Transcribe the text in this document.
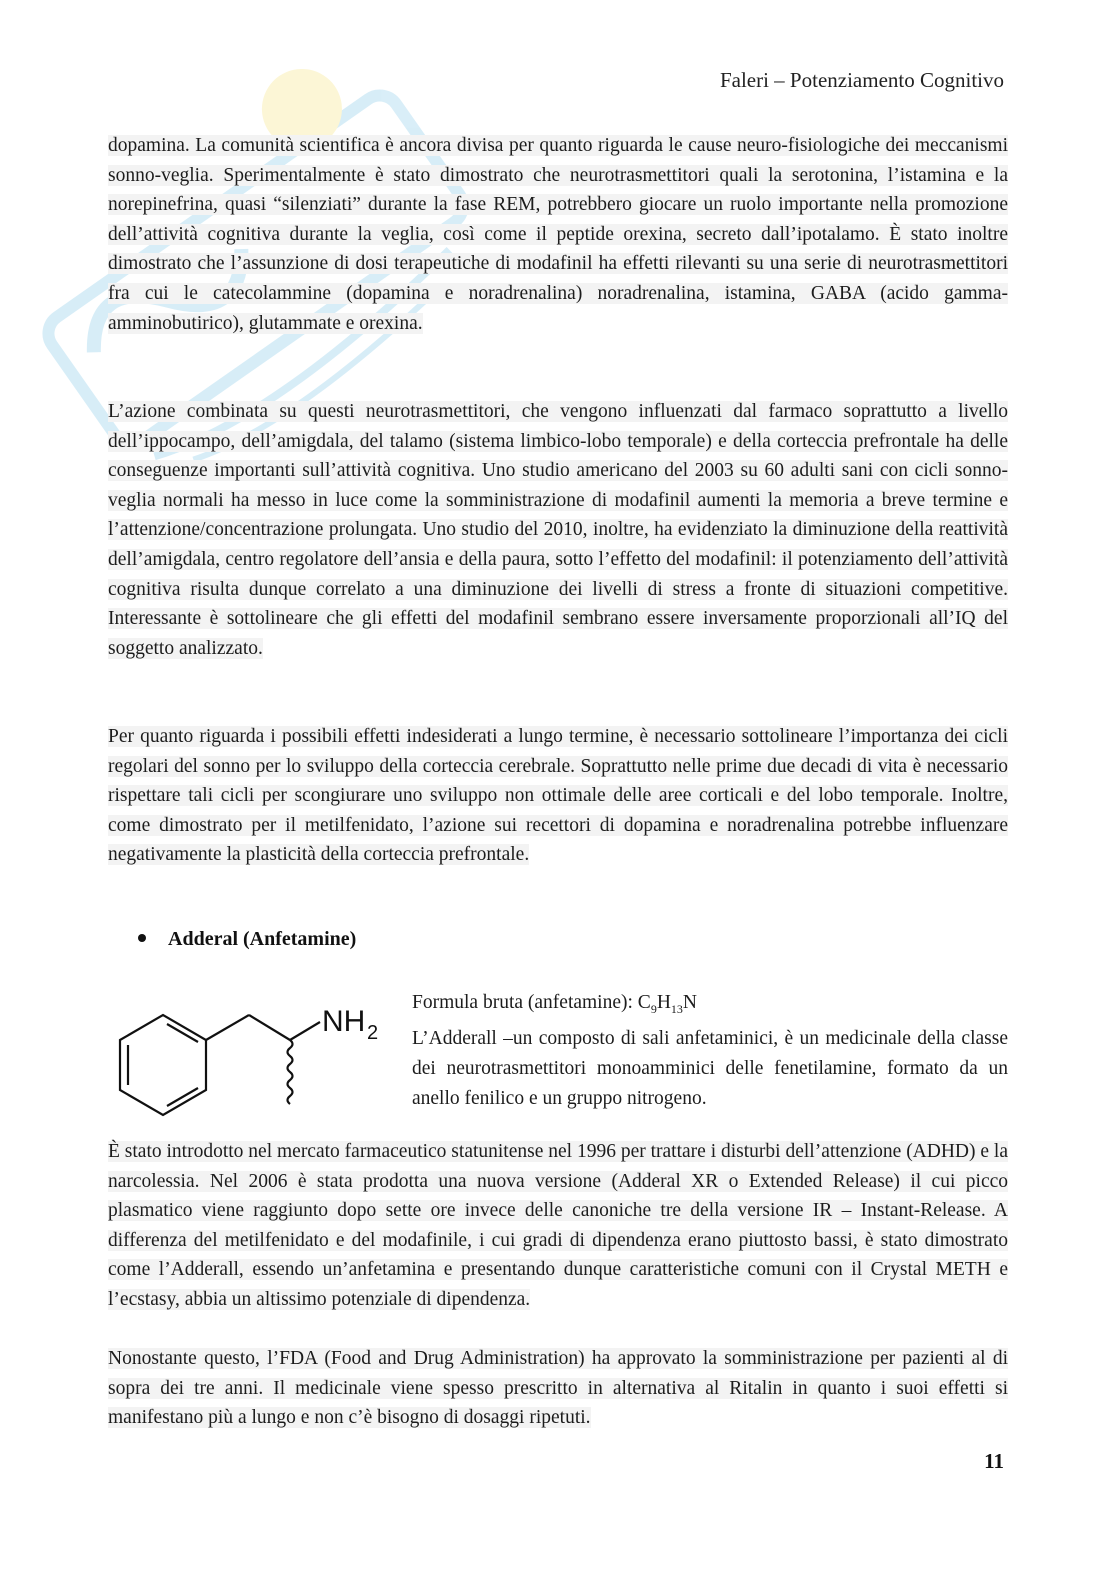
Faleri – Potenziamento Cognitivo
dopamina. La comunità scientifica è ancora divisa per quanto riguarda le cause neuro-fisiologiche dei meccanismi sonno-veglia. Sperimentalmente è stato dimostrato che neurotrasmettitori quali la serotonina, l’istamina e la norepinefrina, quasi “silenziati” durante la fase REM, potrebbero giocare un ruolo importante nella promozione dell’attività cognitiva durante la veglia, così come il peptide orexina, secreto dall’ipotalamo. È stato inoltre dimostrato che l’assunzione di dosi terapeutiche di modafinil ha effetti rilevanti su una serie di neurotrasmettitori fra cui le catecolammine (dopamina e noradrenalina) noradrenalina, istamina, GABA (acido gamma-amminobutirico), glutammate e orexina.
L’azione combinata su questi neurotrasmettitori, che vengono influenzati dal farmaco soprattutto a livello dell’ippocampo, dell’amigdala, del talamo (sistema limbico-lobo temporale) e della corteccia prefrontale ha delle conseguenze importanti sull’attività cognitiva. Uno studio americano del 2003 su 60 adulti sani con cicli sonno-veglia normali ha messo in luce come la somministrazione di modafinil aumenti la memoria a breve termine e l’attenzione/concentrazione prolungata. Uno studio del 2010, inoltre, ha evidenziato la diminuzione della reattività dell’amigdala, centro regolatore dell’ansia e della paura, sotto l’effetto del modafinil: il potenziamento dell’attività cognitiva risulta dunque correlato a una diminuzione dei livelli di stress a fronte di situazioni competitive. Interessante è sottolineare che gli effetti del modafinil sembrano essere inversamente proporzionali all’IQ del soggetto analizzato.
Per quanto riguarda i possibili effetti indesiderati a lungo termine, è necessario sottolineare l’importanza dei cicli regolari del sonno per lo sviluppo della corteccia cerebrale. Soprattutto nelle prime due decadi di vita è necessario rispettare tali cicli per scongiurare uno sviluppo non ottimale delle aree corticali e del lobo temporale. Inoltre, come dimostrato per il metilfenidato, l’azione sui recettori di dopamina e noradrenalina potrebbe influenzare negativamente la plasticità della corteccia prefrontale.
Adderal (Anfetamine)
NH 2
Formula bruta (anfetamine): $C_9H_{13}N$
L’Adderall –un composto di sali anfetaminici, è un medicinale della classe dei neurotrasmettitori monoamminici delle fenetilamine, formato da un anello fenilico e un gruppo nitrogeno.
È stato introdotto nel mercato farmaceutico statunitense nel 1996 per trattare i disturbi dell’attenzione (ADHD) e la narcolessia. Nel 2006 è stata prodotta una nuova versione (Adderal XR o Extended Release) il cui picco plasmatico viene raggiunto dopo sette ore invece delle canoniche tre della versione IR – Instant-Release. A differenza del metilfenidato e del modafinile, i cui gradi di dipendenza erano piuttosto bassi, è stato dimostrato come l’Adderall, essendo un’anfetamina e presentando dunque caratteristiche comuni con il Crystal METH e l’ecstasy, abbia un altissimo potenziale di dipendenza.
Nonostante questo, l’FDA (Food and Drug Administration) ha approvato la somministrazione per pazienti al di sopra dei tre anni. Il medicinale viene spesso prescritto in alternativa al Ritalin in quanto i suoi effetti si manifestano più a lungo e non c’è bisogno di dosaggi ripetuti.
11
